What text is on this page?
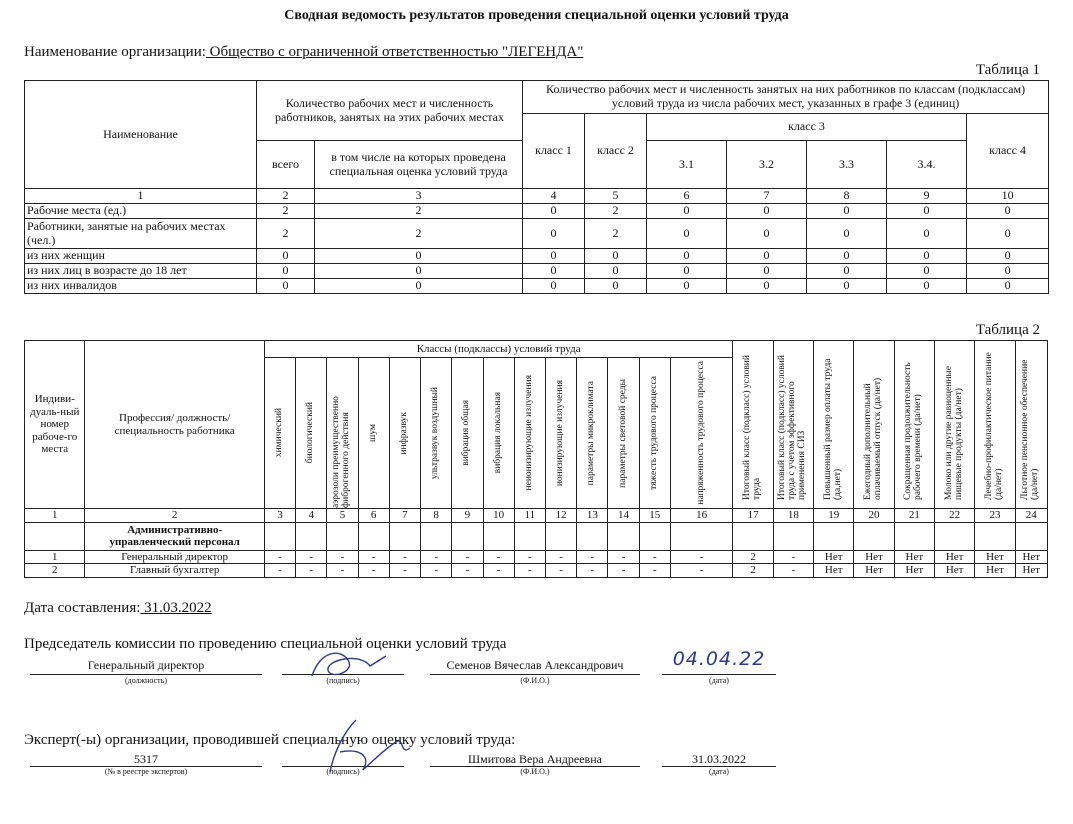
Сводная ведомость результатов проведения специальной оценки условий труда
Наименование организации: Общество с ограниченной ответственностью "ЛЕГЕНДА"
Таблица 1
Наименование	Количество рабочих мест и численность работников, занятых на этих рабочих местах		Количество рабочих мест и численность занятых на них работников по классам (подклассам) условий труда из числа рабочих мест, указанных в графе 3 (единиц)						
			класс 1	класс 2	класс 3				класс 4
	всего	в том числе на которых проведена специальная оценка условий труда			3.1	3.2	3.3	3.4.	
1	2	3	4	5	6	7	8	9	10
Рабочие места (ед.)	2	2	0	2	0	0	0	0	0
Работники, занятые на рабочих местах (чел.)	2	2	0	2	0	0	0	0	0
из них женщин	0	0	0	0	0	0	0	0	0
из них лиц в возрасте до 18 лет	0	0	0	0	0	0	0	0	0
из них инвалидов	0	0	0	0	0	0	0	0	0
Таблица 2
Индиви-дуаль-ный номер рабоче-го места	Профессия/ должность/ специальность работника	Классы (подклассы) условий труда														Итоговый класс (подкласс) условий труда	Итоговый класс (подкласс) условий труда с учетом эффективного применения СИЗ	Повышенный размер оплаты труда (да,нет)	Ежегодный дополнительный оплачиваемый отпуск (да/нет)	Сокращенная продолжительность рабочего времени (да/нет)	Молоко или другие равноценные пищевые продукты (да/нет)	Лечебно-профилактическое питание (да/нет)	Льготное пенсионное обеспечение (да/нет)

		химический	биологический	аэрозоли преимущественно фиброгенного действия	шум	инфразвук	ультразвук воздушный	вибрация общая	вибрация локальная	неионизирующие излучения	ионизирующие излучения	параметры микроклимата	параметры световой среды	тяжесть трудового процесса	напряженность трудового процесса								

1	2	3	4	5	6	7	8	9	10	11	12	13	14	15	16	17	18	19	20	21	22	23	24
	Административно-управленческий персонал																						
1	Генеральный директор	-	-	-	-	-	-	-	-	-	-	-	-	-	-	2	-	Нет	Нет	Нет	Нет	Нет	Нет
2	Главный бухгалтер	-	-	-	-	-	-	-	-	-	-	-	-	-	-	2	-	Нет	Нет	Нет	Нет	Нет	Нет
Дата составления: 31.03.2022
Председатель комиссии по проведению специальной оценки условий труда
Генеральный директор
(должность)	(подпись)
Семенов Вячеслав Александрович
(Ф.И.О.)
04.04.22
(дата)
Эксперт(-ы) организации, проводившей специальную оценку условий труда:
5317
(№ в реестре экспертов)	(подпись)
Шмитова Вера Андреевна
(Ф.И.О.)
31.03.2022
(дата)
